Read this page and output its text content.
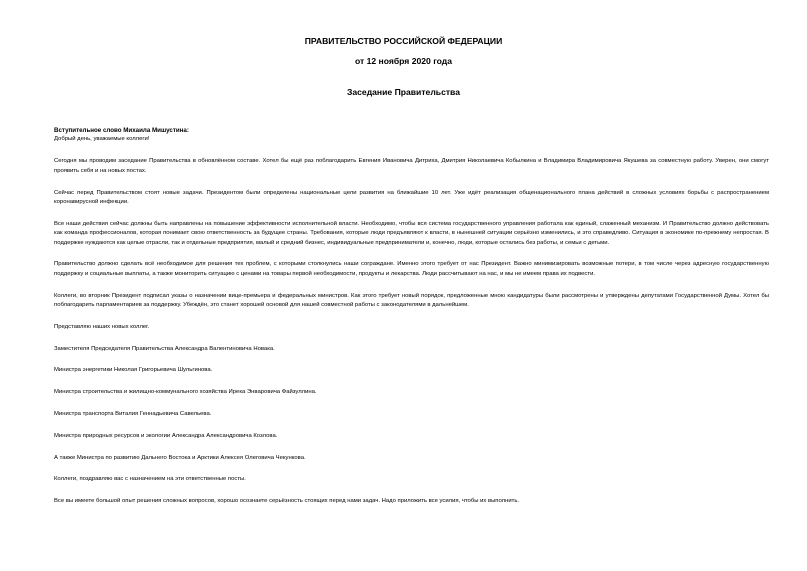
ПРАВИТЕЛЬСТВО РОССИЙСКОЙ ФЕДЕРАЦИИ
от 12 ноября 2020 года
Заседание Правительства

Вступительное слово Михаила Мишустина:

Добрый день, уважаемые коллеги!

Сегодня мы проводим заседание Правительства в обновлённом составе. Хотел бы ещё раз поблагодарить Евгения Ивановича Дитриха, Дмитрия Николаевича Кобылкина и Владимира Владимировича Якушева за совместную работу. Уверен, они смогут проявить себя и на новых постах.

Сейчас перед Правительством стоят новые задачи. Президентом были определены национальные цели развития на ближайшие 10 лет. Уже идёт реализация общенационального плана действий в сложных условиях борьбы с распространением коронавирусной инфекции.

Все наши действия сейчас должны быть направлены на повышение эффективности исполнительной власти. Необходимо, чтобы вся система государственного управления работала как единый, слаженный механизм. И Правительство должно действовать как команда профессионалов, которая понимает свою ответственность за будущее страны. Требования, которые люди предъявляют к власти, в нынешней ситуации серьёзно изменились, и это справедливо. Ситуация в экономике по-прежнему непростая. В поддержке нуждаются как целые отрасли, так и отдельные предприятия, малый и средний бизнес, индивидуальные предприниматели и, конечно, люди, которые остались без работы, и семьи с детьми.

Правительство должно сделать всё необходимое для решения тех проблем, с которыми столкнулись наши сограждане. Именно этого требует от нас Президент. Важно минимизировать возможные потери, в том числе через адресную государственную поддержку и социальные выплаты, а также мониторить ситуацию с ценами на товары первой необходимости, продукты и лекарства. Люди рассчитывают на нас, и мы не имеем права их подвести.

Коллеги, во вторник Президент подписал указы о назначении вице-премьера и федеральных министров. Как этого требует новый порядок, предложенные мною кандидатуры были рассмотрены и утверждены депутатами Государственной Думы. Хотел бы поблагодарить парламентариев за поддержку. Убеждён, это станет хорошей основой для нашей совместной работы с законодателями в дальнейшем.

Представляю наших новых коллег.

Заместителя Председателя Правительства Александра Валентиновича Новака.

Министра энергетики Николая Григорьевича Шульгинова.

Министра строительства и жилищно-коммунального хозяйства Ирека Энваровича Файзуллина.

Министра транспорта Виталия Геннадьевича Савельева.

Министра природных ресурсов и экологии Александра Александровича Козлова.

А также Министра по развитию Дальнего Востока и Арктики Алексея Олеговича Чекункова.

Коллеги, поздравляю вас с назначением на эти ответственные посты.

Все вы имеете большой опыт решения сложных вопросов, хорошо осознаете серьёзность стоящих перед нами задач. Надо приложить все усилия, чтобы их выполнить.
